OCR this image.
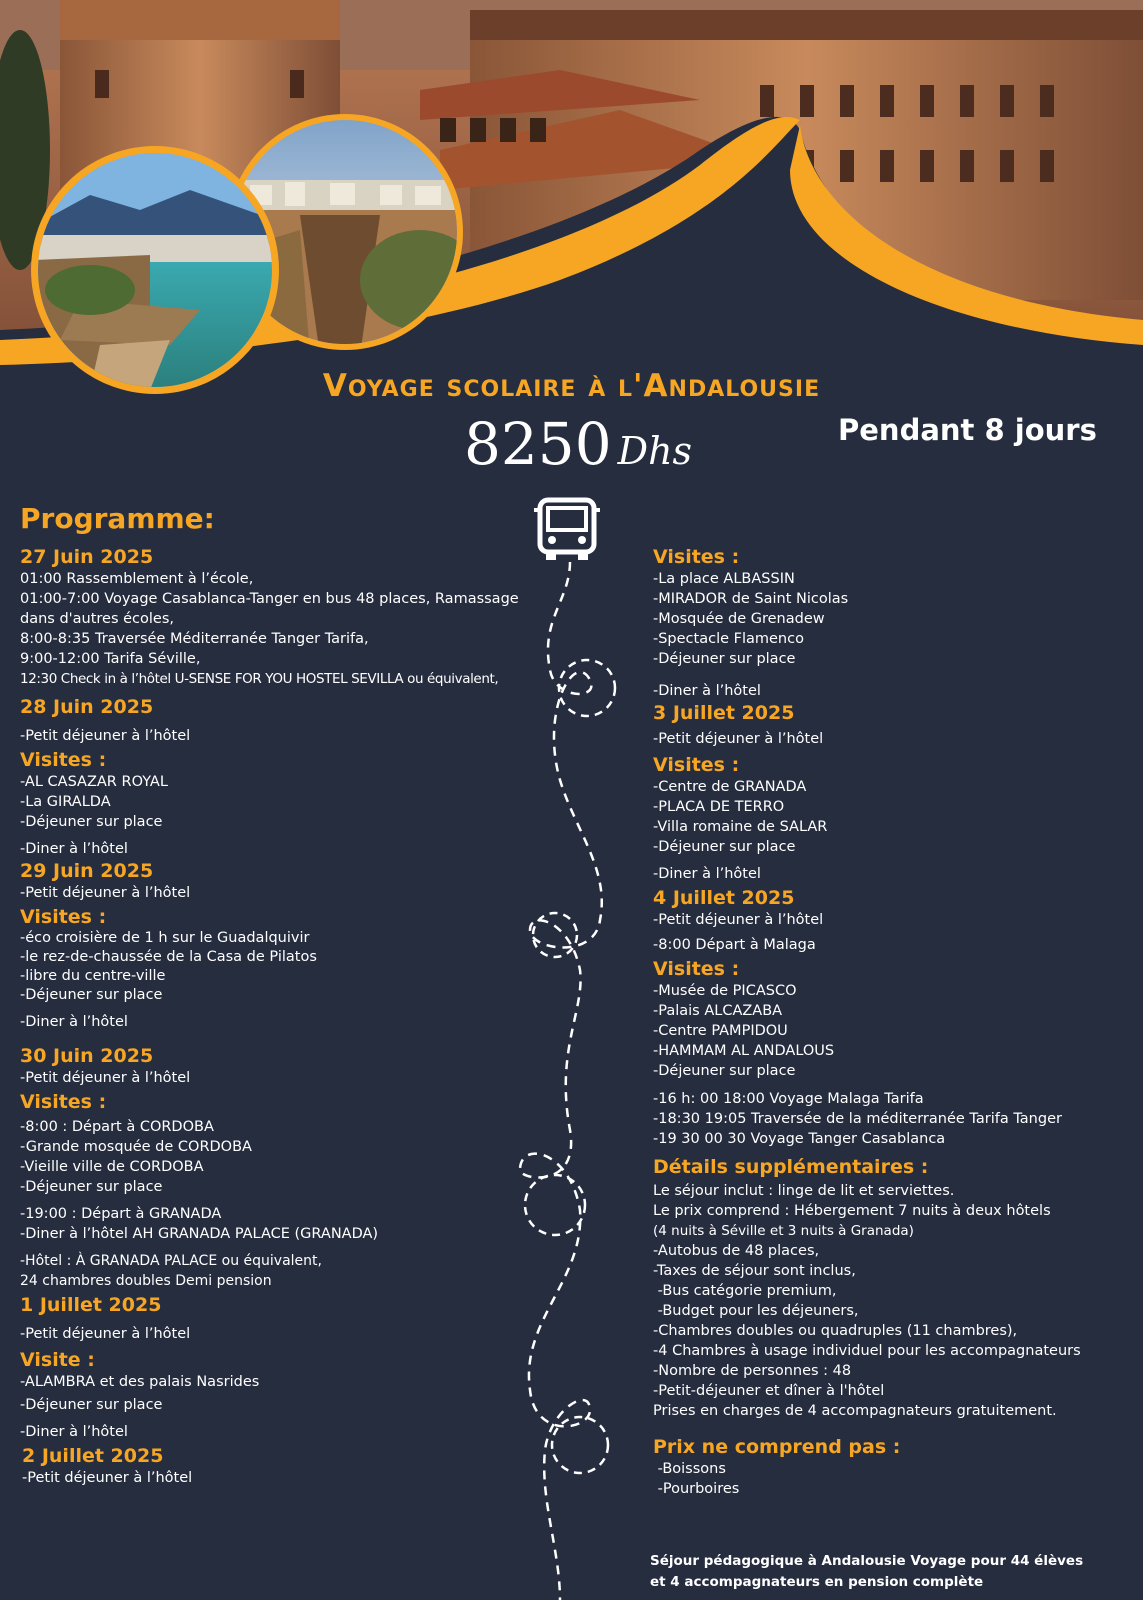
Voyage scolaire à l'Andalousie
8250 Dhs	Pendant 8 jours
Programme:
27 Juin 2025
01:00 Rassemblement à l’école,
01:00-7:00 Voyage Casablanca-Tanger en bus 48 places, Ramassage
dans d'autres écoles,
8:00-8:35 Traversée Méditerranée Tanger Tarifa,
9:00-12:00 Tarifa Séville,
12:30 Check in à l’hôtel U-SENSE FOR YOU HOSTEL SEVILLA ou équivalent,
28 Juin 2025
-Petit déjeuner à l’hôtel
Visites :
-AL CASAZAR ROYAL
-La GIRALDA
-Déjeuner sur place
-Diner à l’hôtel
29 Juin 2025
-Petit déjeuner à l’hôtel
Visites :
-éco croisière de 1 h sur le Guadalquivir
-le rez-de-chaussée de la Casa de Pilatos
-libre du centre-ville
-Déjeuner sur place
-Diner à l’hôtel
30 Juin 2025
-Petit déjeuner à l’hôtel
Visites :
-8:00 : Départ à CORDOBA
-Grande mosquée de CORDOBA
-Vieille ville de CORDOBA
-Déjeuner sur place
-19:00 : Départ à GRANADA
-Diner à l’hôtel AH GRANADA PALACE (GRANADA)
-Hôtel : À GRANADA PALACE ou équivalent,
24 chambres doubles Demi pension
1 Juillet 2025
-Petit déjeuner à l’hôtel
Visite :
-ALAMBRA et des palais Nasrides
-Déjeuner sur place
-Diner à l’hôtel
2 Juillet 2025
-Petit déjeuner à l’hôtel
Visites :
-La place ALBASSIN
-MIRADOR de Saint Nicolas
-Mosquée de Grenadew
-Spectacle Flamenco
-Déjeuner sur place
-Diner à l’hôtel
3 Juillet 2025
-Petit déjeuner à l’hôtel
Visites :
-Centre de GRANADA
-PLACA DE TERRO
-Villa romaine de SALAR
-Déjeuner sur place
-Diner à l’hôtel
4 Juillet 2025
-Petit déjeuner à l’hôtel
-8:00 Départ à Malaga
Visites :
-Musée de PICASCO
-Palais ALCAZABA
-Centre PAMPIDOU
-HAMMAM AL ANDALOUS
-Déjeuner sur place
-16 h: 00 18:00 Voyage Malaga Tarifa
-18:30 19:05 Traversée de la méditerranée Tarifa Tanger
-19 30 00 30 Voyage Tanger Casablanca
Détails supplémentaires :
Le séjour inclut : linge de lit et serviettes.
Le prix comprend : Hébergement 7 nuits à deux hôtels
(4 nuits à Séville et 3 nuits à Granada)
-Autobus de 48 places,
-Taxes de séjour sont inclus,
-Bus catégorie premium,
-Budget pour les déjeuners,
-Chambres doubles ou quadruples (11 chambres),
-4 Chambres à usage individuel pour les accompagnateurs
-Nombre de personnes : 48
-Petit-déjeuner et dîner à l'hôtel
Prises en charges de 4 accompagnateurs gratuitement.
Prix ne comprend pas :
-Boissons
-Pourboires
Séjour pédagogique à Andalousie Voyage pour 44 élèves
et 4 accompagnateurs en pension complète
